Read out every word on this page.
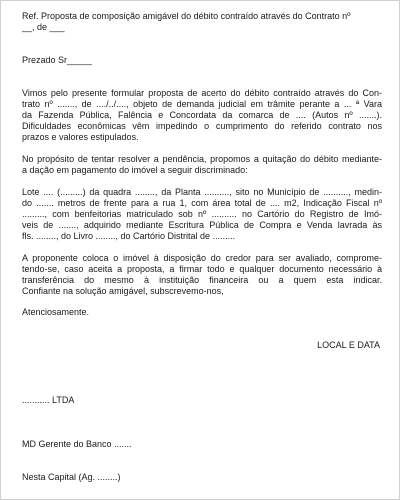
Ref. Proposta de composição amigável do débito contraído através do Contrato nº

__, de ___

Prezado Sr_____

Vimos pelo presente formular proposta de acerto do débito contraído através do Con-

trato nº ......., de ..../../...., objeto de demanda judicial em trâmite perante a ... ª Vara

da Fazenda Pública, Falência e Concordata da comarca de .... (Autos nº .......).

Dificuldades econômicas vêm impedindo o cumprimento do referido contrato nos

prazos e valores estipulados.

No propósito de tentar resolver a pendência, propomos a quitação do débito mediante-

a dação em pagamento do imóvel a seguir discriminado:

Lote .... (.........) da quadra ........, da Planta .........., sito no Município de .........., medin-

do ....... metros de frente para a rua 1, com área total de .... m2, Indicação Fiscal nº

........., com benfeitorias matriculado sob nº .......... no Cartório do Registro de Imó-

veis de ......., adquirido mediante Escritura Pública de Compra e Venda lavrada às

fls. ........, do Livro ........, do Cartório Distrital de .........

A proponente coloca o imóvel à disposição do credor para ser avaliado, comprome-

tendo-se, caso aceita a proposta, a firmar todo e qualquer documento necessário à

transferência do mesmo à instituição financeira ou a quem esta indicar.

Confiante na solução amigável, subscrevemo-nos,

Atenciosamente.

LOCAL E DATA

........... LTDA

MD Gerente do Banco .......

Nesta Capital (Ag. ........)
